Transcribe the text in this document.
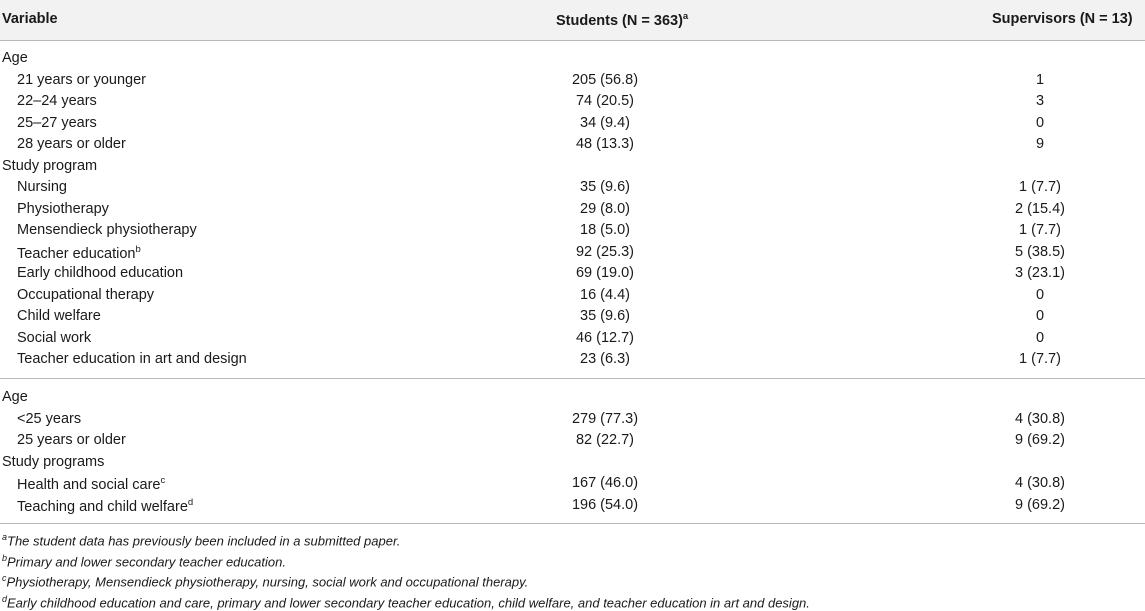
Variable	Students (N = 363)$^a$	Supervisors (N = 13)
Age
21 years or younger	205 (56.8)	1
22–24 years	74 (20.5)	3
25–27 years	34 (9.4)	0
28 years or older	48 (13.3)	9
Study program
Nursing	35 (9.6)	1 (7.7)
Physiotherapy	29 (8.0)	2 (15.4)
Mensendieck physiotherapy	18 (5.0)	1 (7.7)
Teacher education$^b$	92 (25.3)	5 (38.5)
Early childhood education	69 (19.0)	3 (23.1)
Occupational therapy	16 (4.4)	0
Child welfare	35 (9.6)	0
Social work	46 (12.7)	0
Teacher education in art and design	23 (6.3)	1 (7.7)
Age
<25 years	279 (77.3)	4 (30.8)
25 years or older	82 (22.7)	9 (69.2)
Study programs
Health and social care$^c$	167 (46.0)	4 (30.8)
Teaching and child welfare$^d$	196 (54.0)	9 (69.2)
$^a$The student data has previously been included in a submitted paper.
$^b$Primary and lower secondary teacher education.
$^c$Physiotherapy, Mensendieck physiotherapy, nursing, social work and occupational therapy.
$^d$Early childhood education and care, primary and lower secondary teacher education, child welfare, and teacher education in art and design.
